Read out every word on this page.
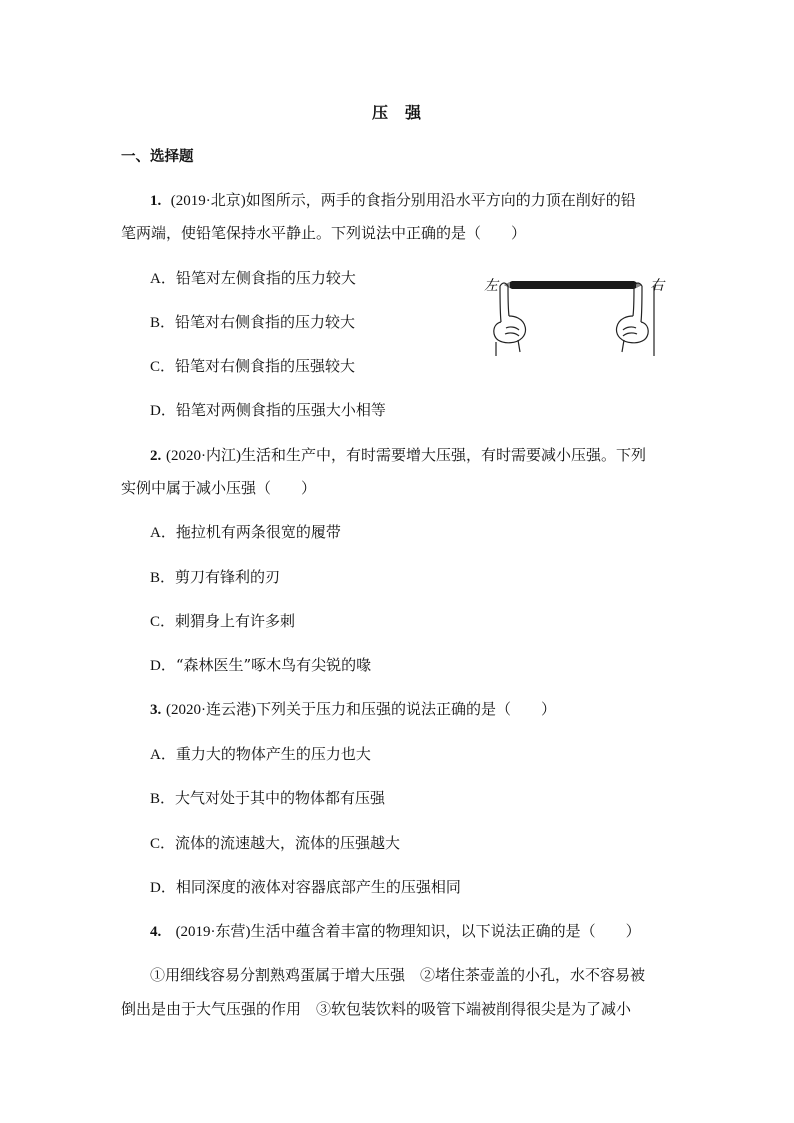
压 强
一、选择题
1. (2019·北京)如图所示，两手的食指分别用沿水平方向的力顶在削好的铅
笔两端，使铅笔保持水平静止。下列说法中正确的是（　　）
A．铅笔对左侧食指的压力较大
B．铅笔对右侧食指的压力较大
C．铅笔对右侧食指的压强较大
D．铅笔对两侧食指的压强大小相等
左	右
2. (2020·内江)生活和生产中，有时需要增大压强，有时需要减小压强。下列
实例中属于减小压强（　　）
A．拖拉机有两条很宽的履带
B．剪刀有锋利的刃
C．刺猬身上有许多刺
D．“森林医生”啄木鸟有尖锐的喙
3. (2020·连云港)下列关于压力和压强的说法正确的是（　　）
A．重力大的物体产生的压力也大
B．大气对处于其中的物体都有压强
C．流体的流速越大，流体的压强越大
D．相同深度的液体对容器底部产生的压强相同
4. (2019·东营)生活中蕴含着丰富的物理知识，以下说法正确的是（　　）
①用细线容易分割熟鸡蛋属于增大压强　②堵住茶壶盖的小孔，水不容易被
倒出是由于大气压强的作用　③软包装饮料的吸管下端被削得很尖是为了减小
